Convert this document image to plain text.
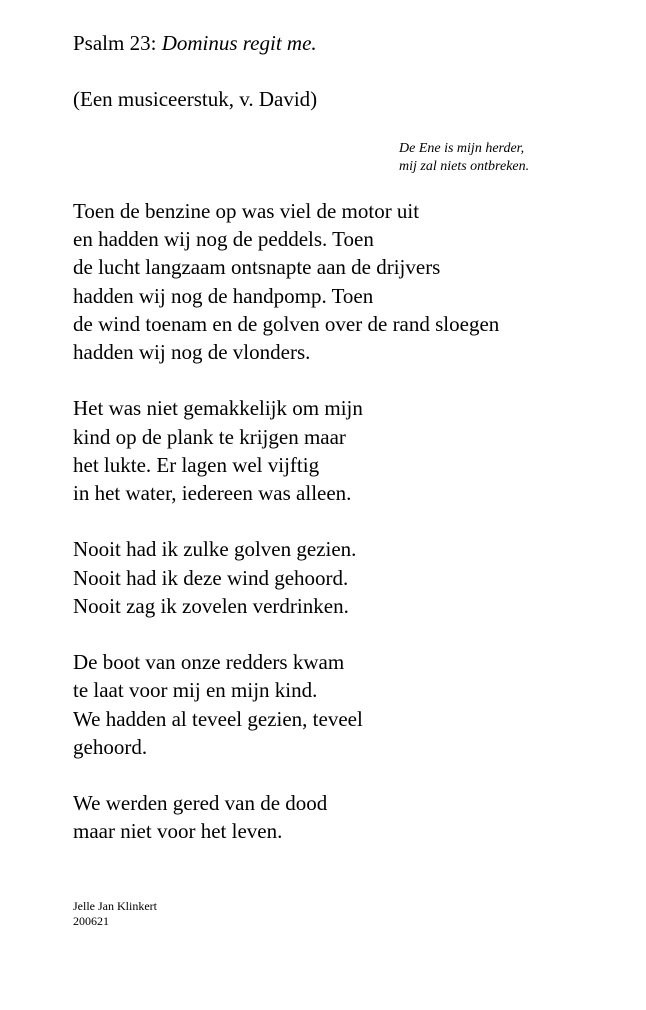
Psalm 23: Dominus regit me.
(Een musiceerstuk, v. David)
De Ene is mijn herder,
mij zal niets ontbreken.
Toen de benzine op was viel de motor uit
en hadden wij nog de peddels. Toen
de lucht langzaam ontsnapte aan de drijvers
hadden wij nog de handpomp. Toen
de wind toenam en de golven over de rand sloegen
hadden wij nog de vlonders.
Het was niet gemakkelijk om mijn
kind op de plank te krijgen maar
het lukte. Er lagen wel vijftig
in het water, iedereen was alleen.
Nooit had ik zulke golven gezien.
Nooit had ik deze wind gehoord.
Nooit zag ik zovelen verdrinken.
De boot van onze redders kwam
te laat voor mij en mijn kind.
We hadden al teveel gezien, teveel
gehoord.
We werden gered van de dood
maar niet voor het leven.
Jelle Jan Klinkert
200621
